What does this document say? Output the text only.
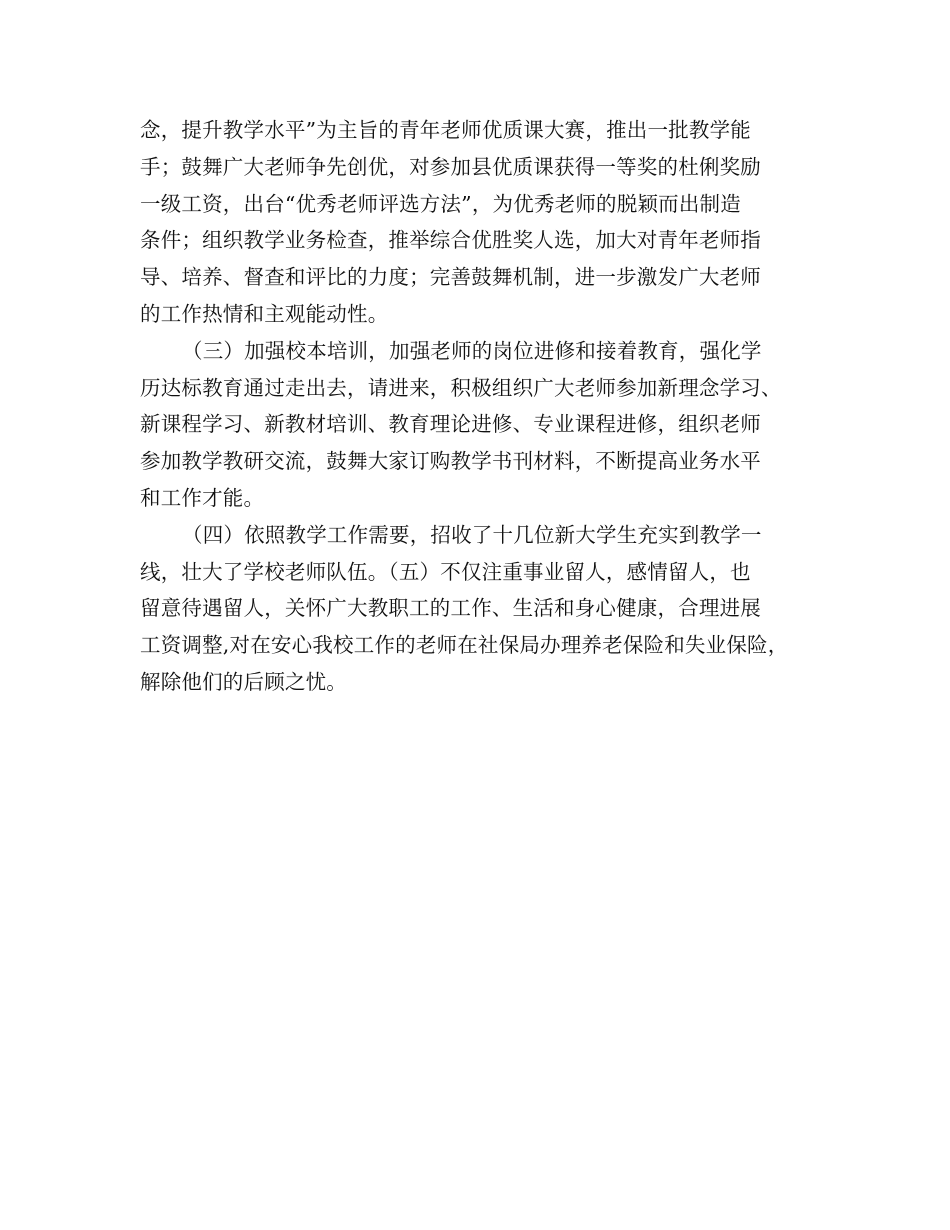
念，提升教学水平”为主旨的青年老师优质课大赛，推出一批教学能
手；鼓舞广大老师争先创优，对参加县优质课获得一等奖的杜俐奖励
一级工资，出台“优秀老师评选方法”，为优秀老师的脱颖而出制造
条件；组织教学业务检查，推举综合优胜奖人选，加大对青年老师指
导、培养、督查和评比的力度；完善鼓舞机制，进一步激发广大老师
的工作热情和主观能动性。
（三）加强校本培训，加强老师的岗位进修和接着教育，强化学
历达标教育通过走出去，请进来，积极组织广大老师参加新理念学习、
新课程学习、新教材培训、教育理论进修、专业课程进修，组织老师
参加教学教研交流，鼓舞大家订购教学书刊材料，不断提高业务水平
和工作才能。
（四）依照教学工作需要，招收了十几位新大学生充实到教学一
线，壮大了学校老师队伍。（五）不仅注重事业留人，感情留人，也
留意待遇留人，关怀广大教职工的工作、生活和身心健康，合理进展
工资调整,对在安心我校工作的老师在社保局办理养老保险和失业保险，
解除他们的后顾之忧。
